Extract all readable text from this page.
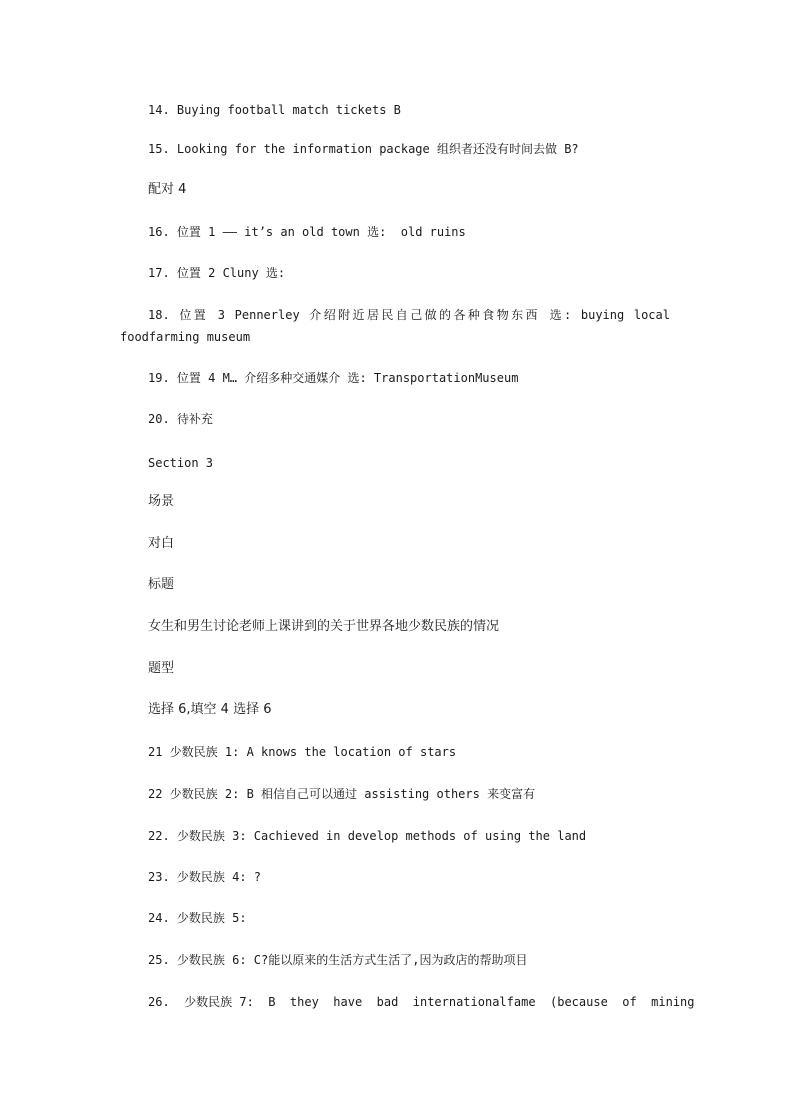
14. Buying football match tickets B
15. Looking for the information package 组织者还没有时间去做 B?
配对 4
16. 位置 1 —— it’s an old town 选:  old ruins
17. 位置 2 Cluny 选:
18. 位置 3 Pennerley 介绍附近居民自己做的各种食物东西 选: buying local
foodfarming museum
19. 位置 4 M… 介绍多种交通媒介 选: TransportationMuseum
20. 待补充
Section 3
场景
对白
标题
女生和男生讨论老师上课讲到的关于世界各地少数民族的情况
题型
选择 6,填空 4 选择 6
21 少数民族 1: A knows the location of stars
22 少数民族 2: B 相信自己可以通过 assisting others 来变富有
22. 少数民族 3: Cachieved in develop methods of using the land
23. 少数民族 4: ?
24. 少数民族 5:
25. 少数民族 6: C?能以原来的生活方式生活了,因为政店的帮助项目
26.  少数民族 7:  B  they  have  bad  internationalfame  (because  of  mining
